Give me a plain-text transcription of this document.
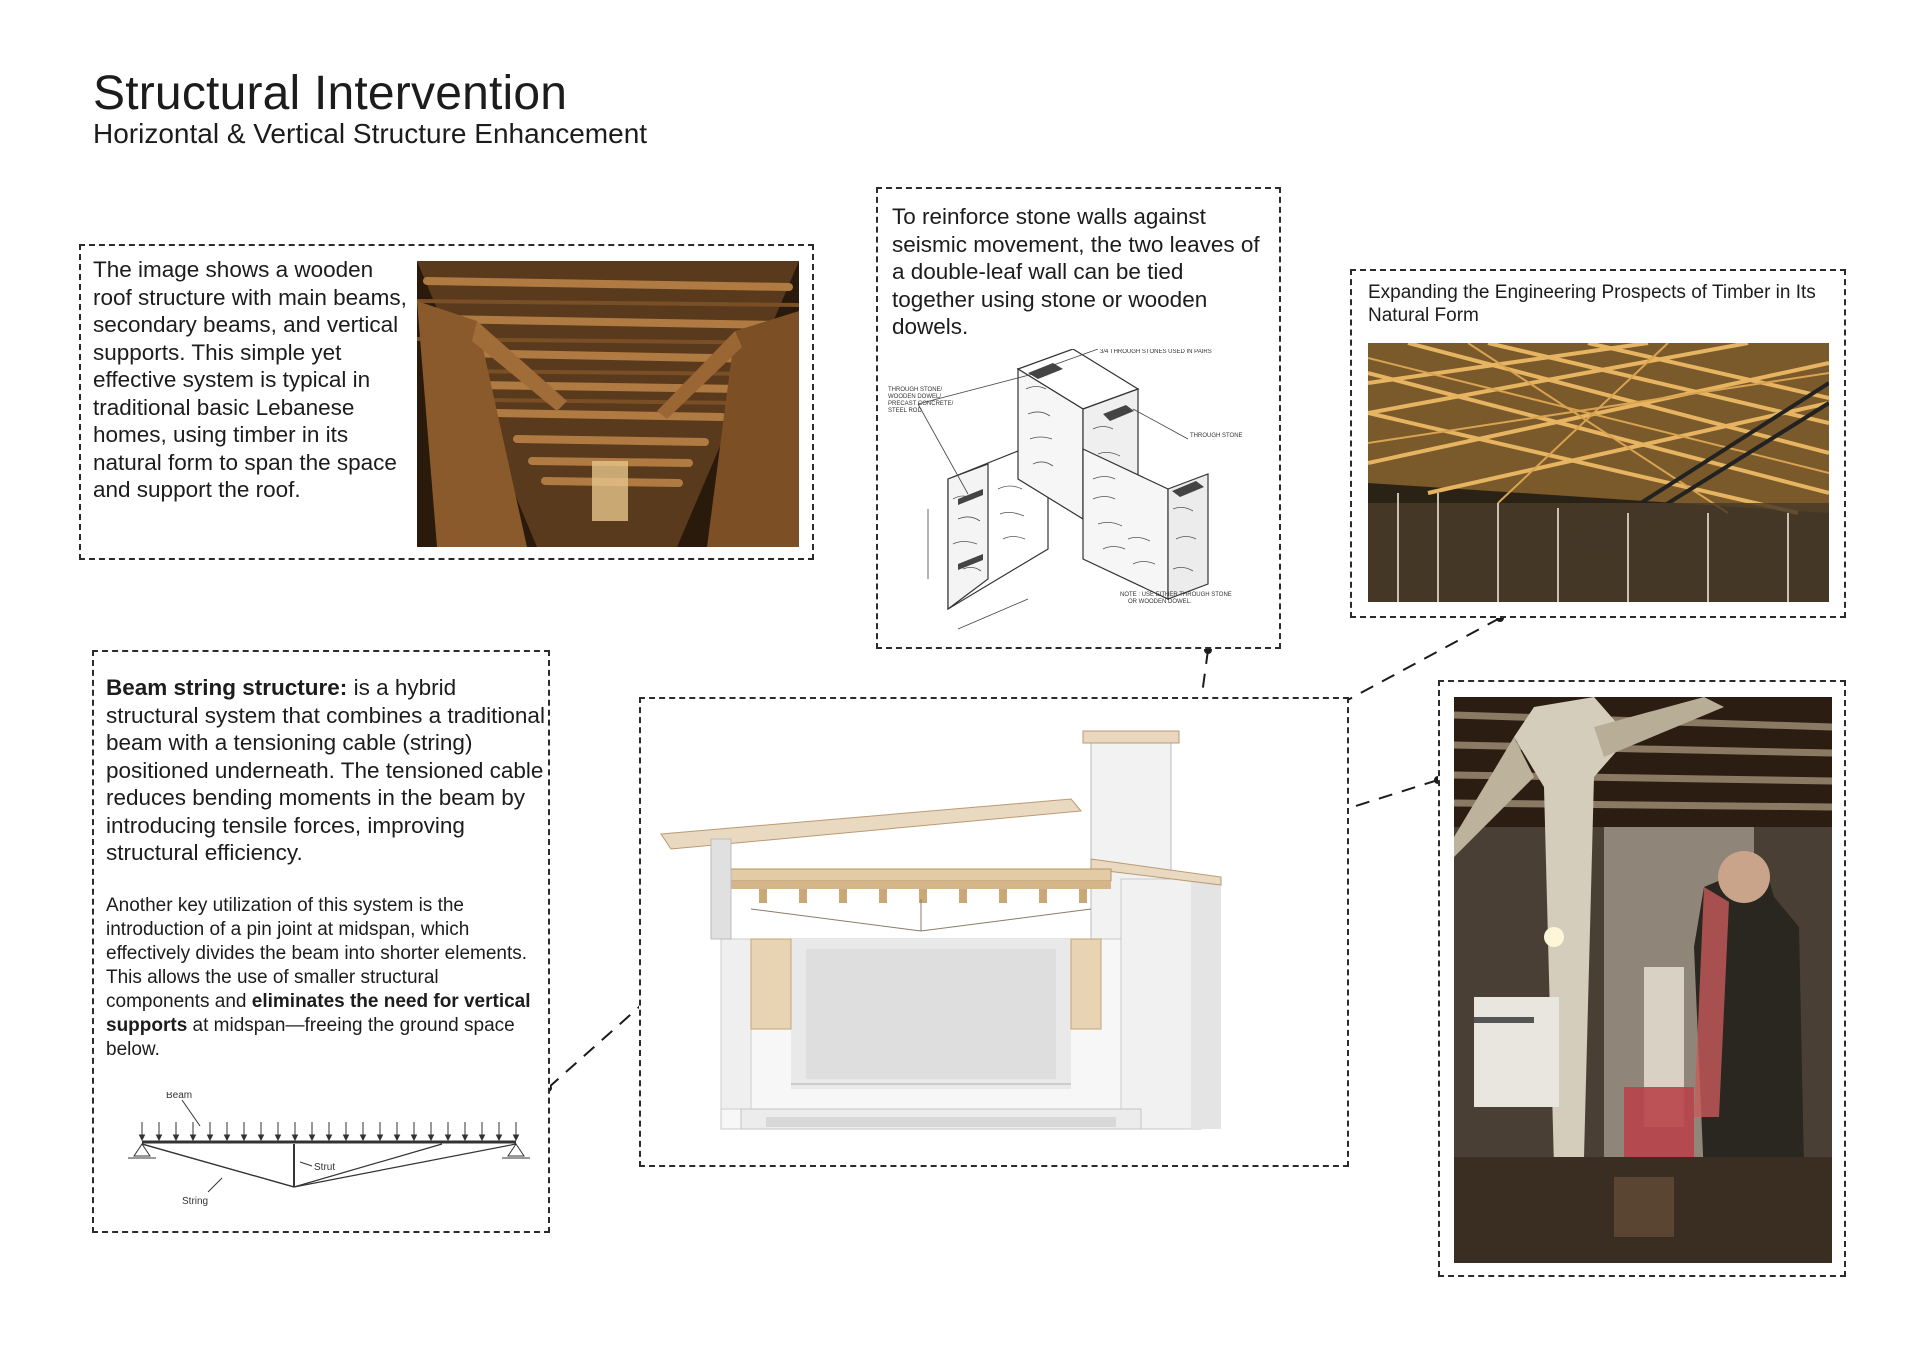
Structural Intervention

Horizontal & Vertical Structure Enhancement

The image shows a wooden roof structure with main beams, secondary beams, and vertical supports. This simple yet effective system is typical in traditional basic Lebanese homes, using timber in its natural form to span the space and support the roof.

To reinforce stone walls against seismic movement, the two leaves of a double-leaf wall can be tied together using stone or wooden dowels.

3/4 THROUGH STONES USED IN PAIRS
THROUGH STONE/
WOODEN DOWEL/
PRECAST CONCRETE/
STEEL ROD
THROUGH STONE
NOTE : USE EITHER THROUGH STONE
OR WOODEN DOWEL.

Expanding the Engineering Prospects of Timber in Its Natural Form

Beam string structure: is a hybrid structural system that combines a traditional beam with a tensioning cable (string) positioned underneath. The tensioned cable reduces bending moments in the beam by introducing tensile forces, improving structural efficiency.

Another key utilization of this system is the introduction of a pin joint at midspan, which effectively divides the beam into shorter elements. This allows the use of smaller structural components and eliminates the need for vertical supports at midspan—freeing the ground space below.

Beam
Strut
String
